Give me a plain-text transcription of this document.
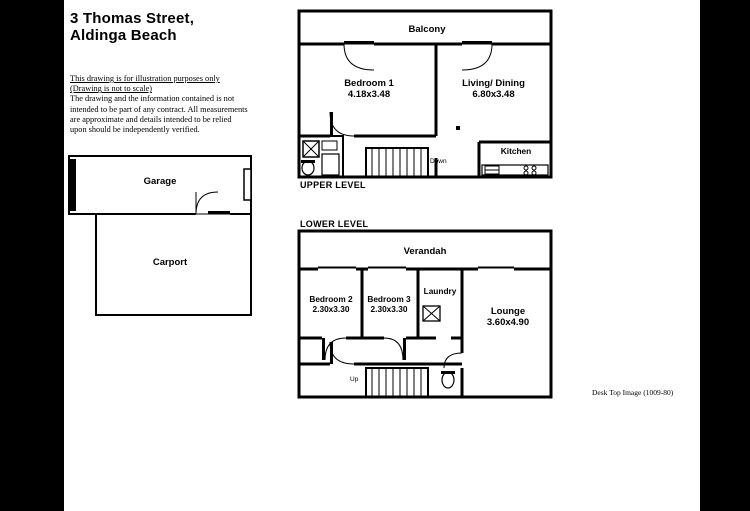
3 Thomas Street,
Aldinga Beach
This drawing is for illustration purposes only
(Drawing is not to scale)
The drawing and the information contained is not intended to be part of any contract. All measurements are approximate and details intended to be relied upon should be independently verified.
Garage
Carport
Tilt Door
Balcony
Bedroom 1
4.18x3.48
Living/ Dining
6.80x3.48
Kitchen
Down
UPPER LEVEL
LOWER LEVEL
Verandah
Bedroom 2
2.30x3.30
Bedroom 3
2.30x3.30
Laundry
Lounge
3.60x4.90
Up
Desk Top Image (1009-80)
